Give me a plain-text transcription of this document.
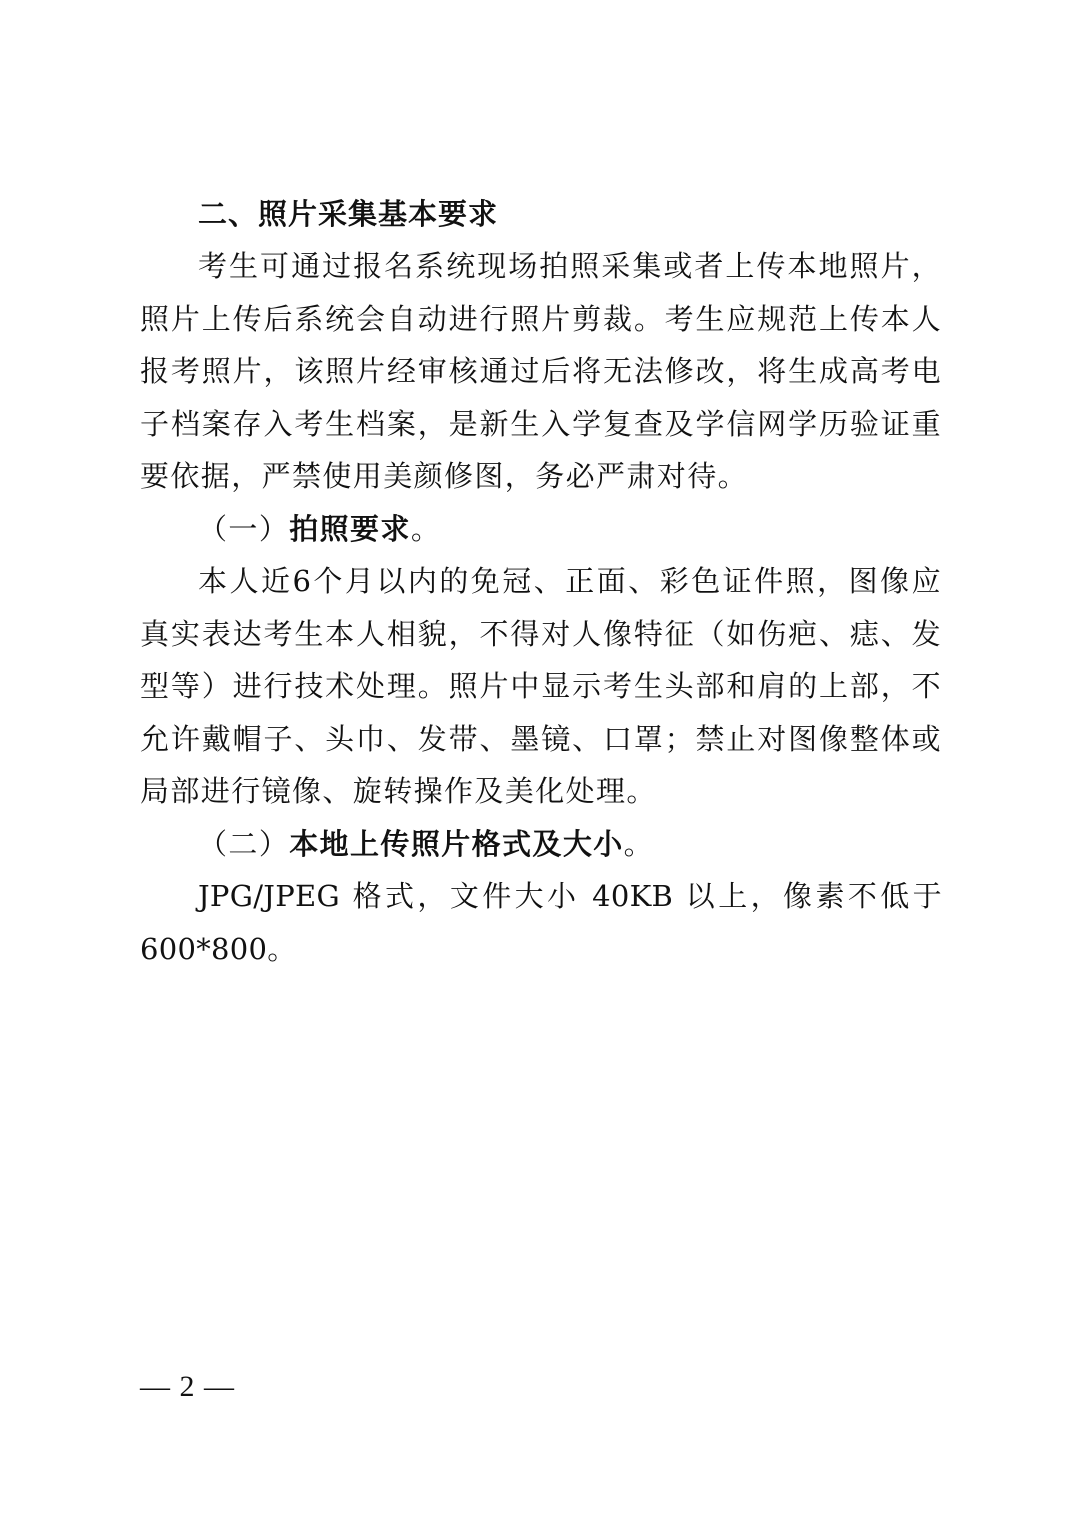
二、照片采集基本要求

考生可通过报名系统现场拍照采集或者上传本地照片，照片上传后系统会自动进行照片剪裁。考生应规范上传本人报考照片，该照片经审核通过后将无法修改，将生成高考电子档案存入考生档案，是新生入学复查及学信网学历验证重要依据，严禁使用美颜修图，务必严肃对待。

（一）拍照要求。

本人近6个月以内的免冠、正面、彩色证件照，图像应真实表达考生本人相貌，不得对人像特征（如伤疤、痣、发型等）进行技术处理。照片中显示考生头部和肩的上部，不允许戴帽子、头巾、发带、墨镜、口罩；禁止对图像整体或局部进行镜像、旋转操作及美化处理。

（二）本地上传照片格式及大小。

JPG/JPEG 格式，文件大小 40KB 以上，像素不低于 600*800。

— 2 —
